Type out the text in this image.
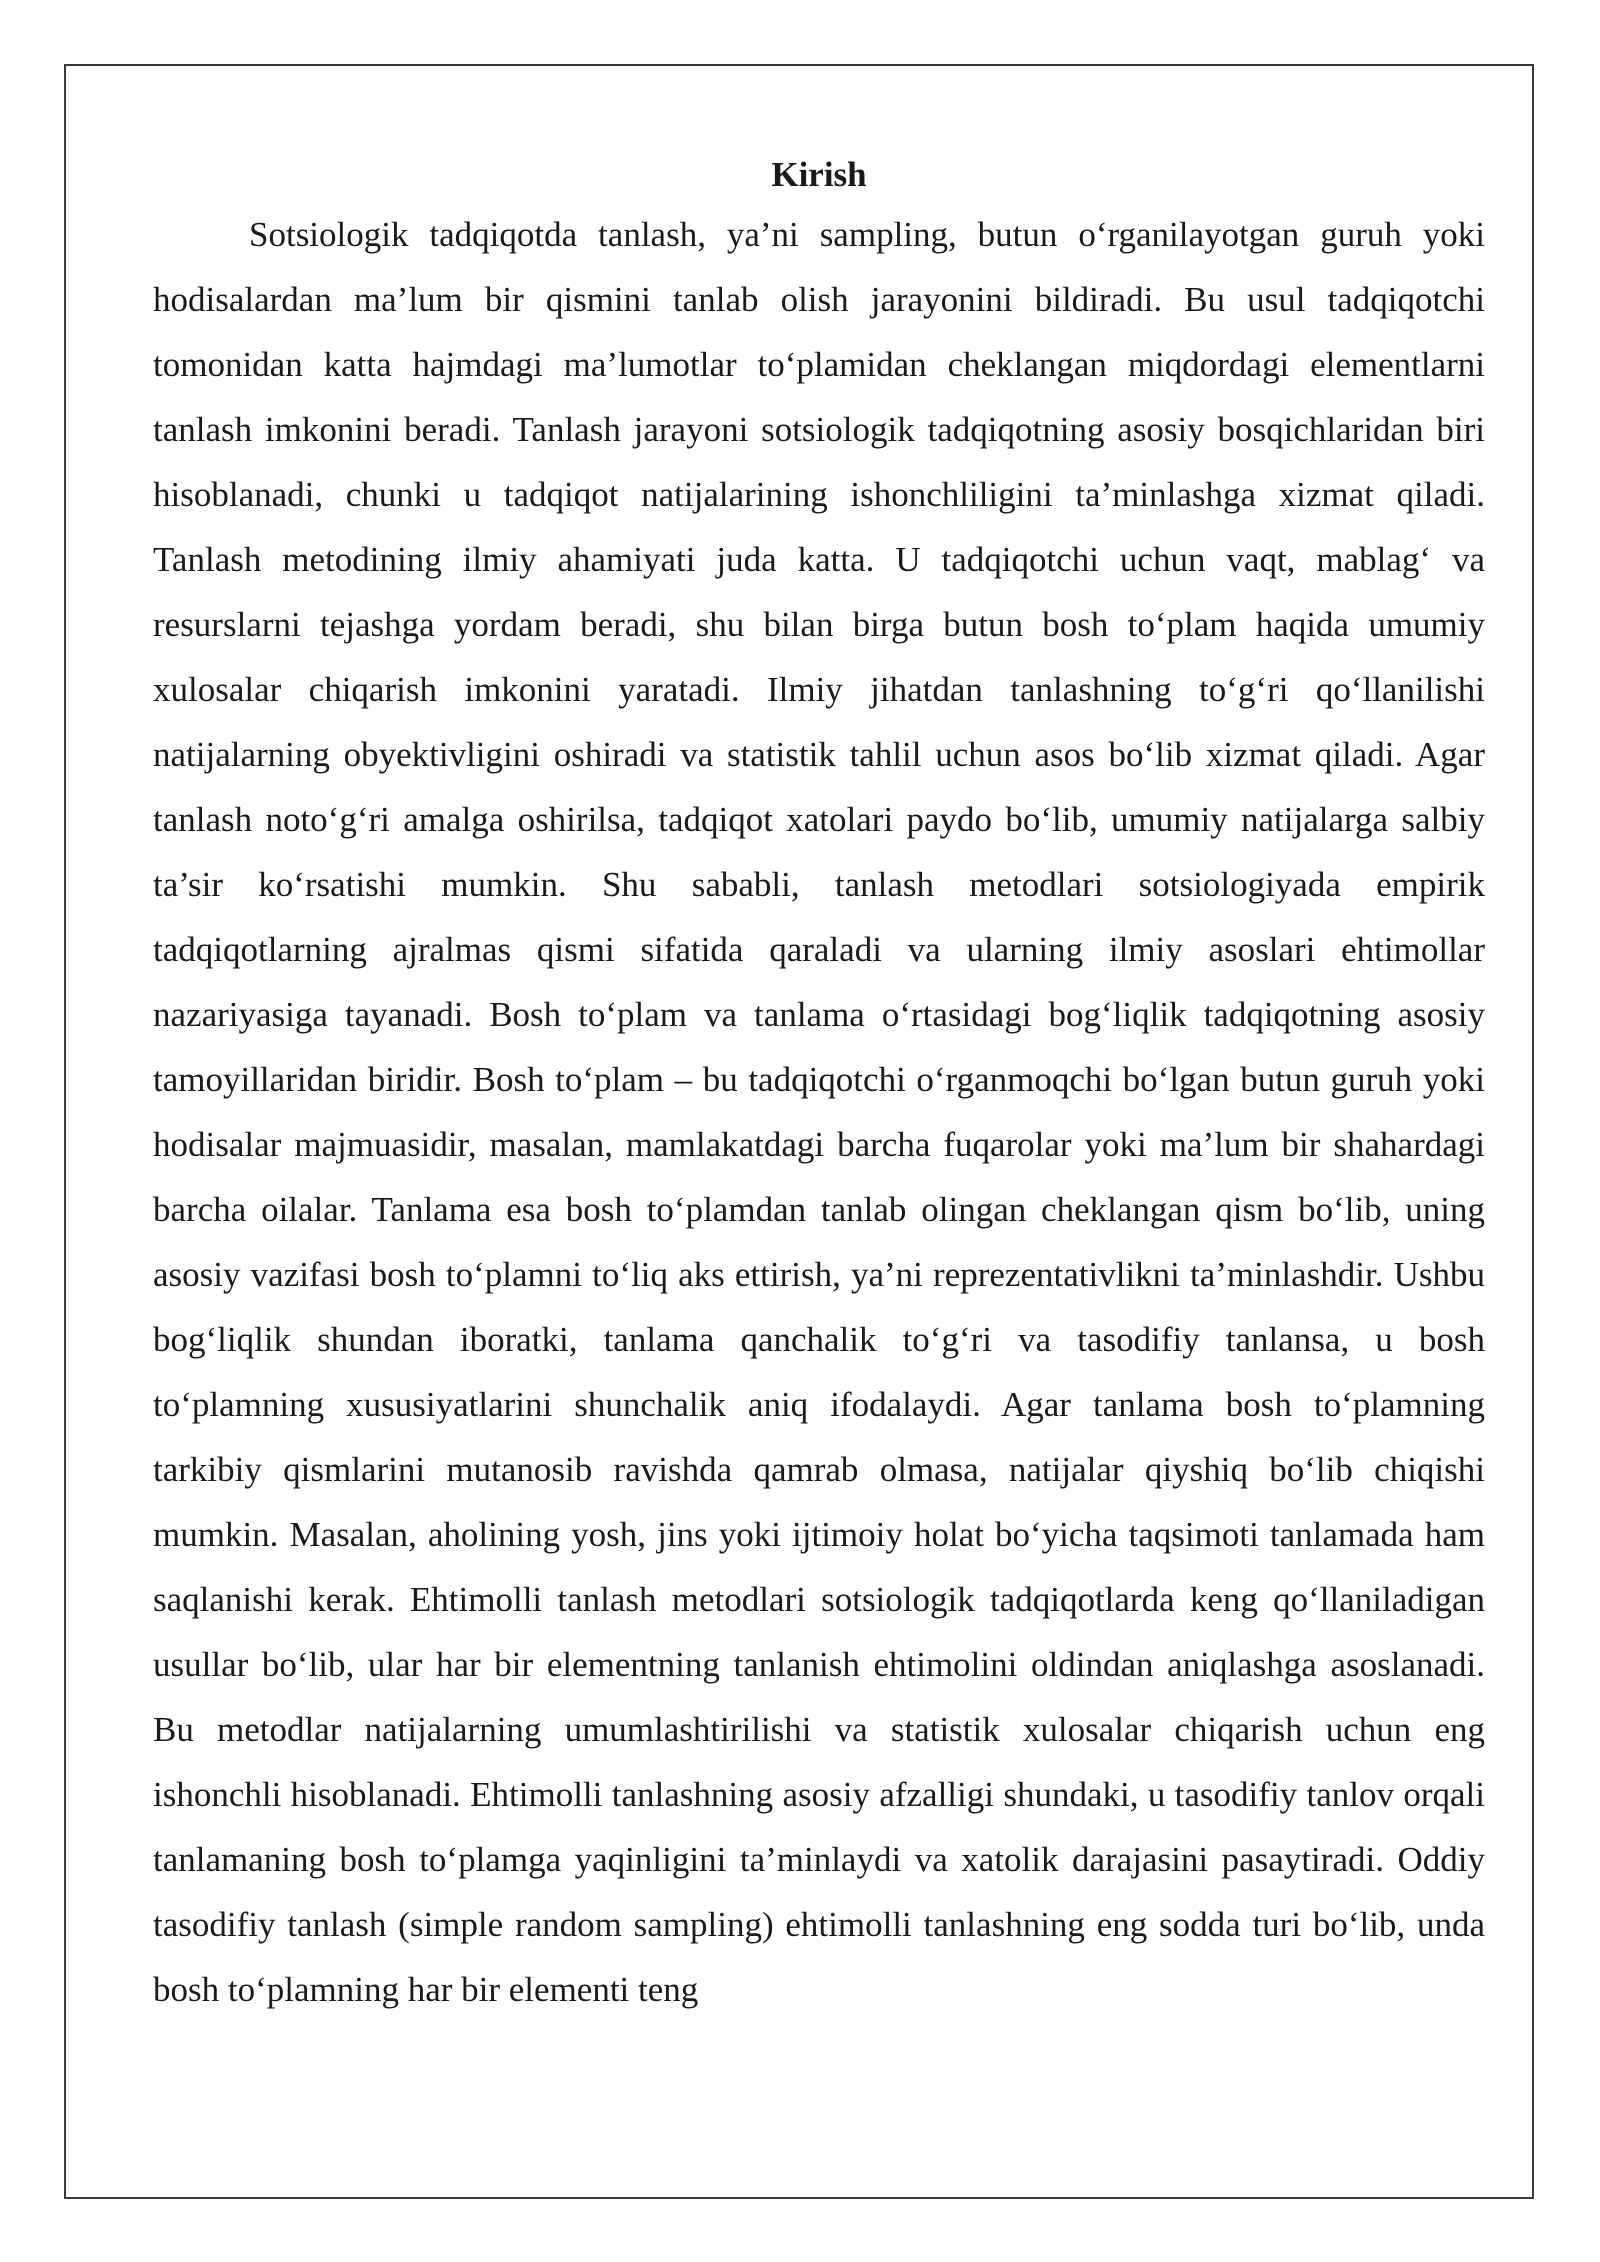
Kirish

Sotsiologik tadqiqotda tanlash, ya’ni sampling, butun o‘rganilayotgan guruh yoki hodisalardan ma’lum bir qismini tanlab olish jarayonini bildiradi. Bu usul tadqiqotchi tomonidan katta hajmdagi ma’lumotlar to‘plamidan cheklangan miqdordagi elementlarni tanlash imkonini beradi. Tanlash jarayoni sotsiologik tadqiqotning asosiy bosqichlaridan biri hisoblanadi, chunki u tadqiqot natijalarining ishonchliligini ta’minlashga xizmat qiladi. Tanlash metodining ilmiy ahamiyati juda katta. U tadqiqotchi uchun vaqt, mablag‘ va resurslarni tejashga yordam beradi, shu bilan birga butun bosh to‘plam haqida umumiy xulosalar chiqarish imkonini yaratadi. Ilmiy jihatdan tanlashning to‘g‘ri qo‘llanilishi natijalarning obyektivligini oshiradi va statistik tahlil uchun asos bo‘lib xizmat qiladi. Agar tanlash noto‘g‘ri amalga oshirilsa, tadqiqot xatolari paydo bo‘lib, umumiy natijalarga salbiy ta’sir ko‘rsatishi mumkin. Shu sababli, tanlash metodlari sotsiologiyada empirik tadqiqotlarning ajralmas qismi sifatida qaraladi va ularning ilmiy asoslari ehtimollar nazariyasiga tayanadi. Bosh to‘plam va tanlama o‘rtasidagi bog‘liqlik tadqiqotning asosiy tamoyillaridan biridir. Bosh to‘plam – bu tadqiqotchi o‘rganmoqchi bo‘lgan butun guruh yoki hodisalar majmuasidir, masalan, mamlakatdagi barcha fuqarolar yoki ma’lum bir shahardagi barcha oilalar. Tanlama esa bosh to‘plamdan tanlab olingan cheklangan qism bo‘lib, uning asosiy vazifasi bosh to‘plamni to‘liq aks ettirish, ya’ni reprezentativlikni ta’minlashdir. Ushbu bog‘liqlik shundan iboratki, tanlama qanchalik to‘g‘ri va tasodifiy tanlansa, u bosh to‘plamning xususiyatlarini shunchalik aniq ifodalaydi. Agar tanlama bosh to‘plamning tarkibiy qismlarini mutanosib ravishda qamrab olmasa, natijalar qiyshiq bo‘lib chiqishi mumkin. Masalan, aholining yosh, jins yoki ijtimoiy holat bo‘yicha taqsimoti tanlamada ham saqlanishi kerak. Ehtimolli tanlash metodlari sotsiologik tadqiqotlarda keng qo‘llaniladigan usullar bo‘lib, ular har bir elementning tanlanish ehtimolini oldindan aniqlashga asoslanadi. Bu metodlar natijalarning umumlashtirilishi va statistik xulosalar chiqarish uchun eng ishonchli hisoblanadi. Ehtimolli tanlashning asosiy afzalligi shundaki, u tasodifiy tanlov orqali tanlamaning bosh to‘plamga yaqinligini ta’minlaydi va xatolik darajasini pasaytiradi. Oddiy tasodifiy tanlash (simple random sampling) ehtimolli tanlashning eng sodda turi bo‘lib, unda bosh to‘plamning har bir elementi teng
